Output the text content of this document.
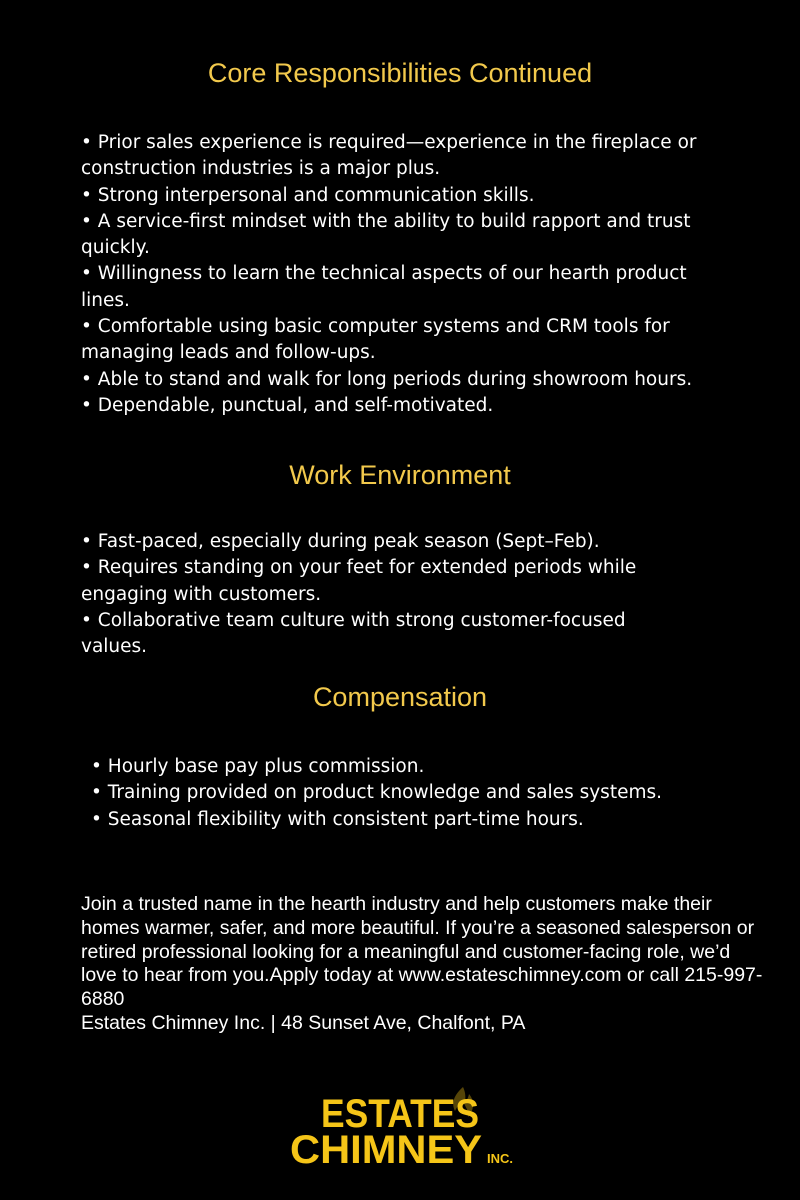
Core Responsibilities Continued
• Prior sales experience is required—experience in the fireplace or construction industries is a major plus.
• Strong interpersonal and communication skills.
• A service-first mindset with the ability to build rapport and trust quickly.
• Willingness to learn the technical aspects of our hearth product lines.
• Comfortable using basic computer systems and CRM tools for managing leads and follow-ups.
• Able to stand and walk for long periods during showroom hours.
• Dependable, punctual, and self-motivated.
Work Environment
• Fast-paced, especially during peak season (Sept–Feb).
• Requires standing on your feet for extended periods while engaging with customers.
• Collaborative team culture with strong customer-focused values.
Compensation
• Hourly base pay plus commission.
• Training provided on product knowledge and sales systems.
• Seasonal flexibility with consistent part-time hours.

Join a trusted name in the hearth industry and help customers make their homes warmer, safer, and more beautiful. If you’re a seasoned salesperson or retired professional looking for a meaningful and customer-facing role, we’d love to hear from you.Apply today at www.estateschimney.com or call 215-997-6880

Estates Chimney Inc. | 48 Sunset Ave, Chalfont, PA

ESTATES
CHIMNEY INC.
